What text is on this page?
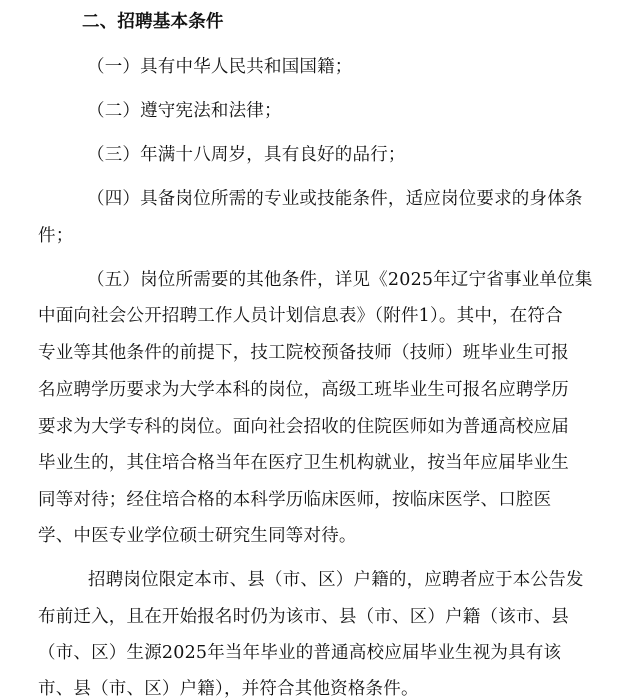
二、招聘基本条件
（一）具有中华人民共和国国籍；
（二）遵守宪法和法律；
（三）年满十八周岁，具有良好的品行；
（四）具备岗位所需的专业或技能条件，适应岗位要求的身体条
件；
（五）岗位所需要的其他条件，详见《2025年辽宁省事业单位集
中面向社会公开招聘工作人员计划信息表》（附件1）。其中，在符合
专业等其他条件的前提下，技工院校预备技师（技师）班毕业生可报
名应聘学历要求为大学本科的岗位，高级工班毕业生可报名应聘学历
要求为大学专科的岗位。面向社会招收的住院医师如为普通高校应届
毕业生的，其住培合格当年在医疗卫生机构就业，按当年应届毕业生
同等对待；经住培合格的本科学历临床医师，按临床医学、口腔医
学、中医专业学位硕士研究生同等对待。
招聘岗位限定本市、县（市、区）户籍的，应聘者应于本公告发
布前迁入，且在开始报名时仍为该市、县（市、区）户籍（该市、县
（市、区）生源2025年当年毕业的普通高校应届毕业生视为具有该
市、县（市、区）户籍），并符合其他资格条件。
